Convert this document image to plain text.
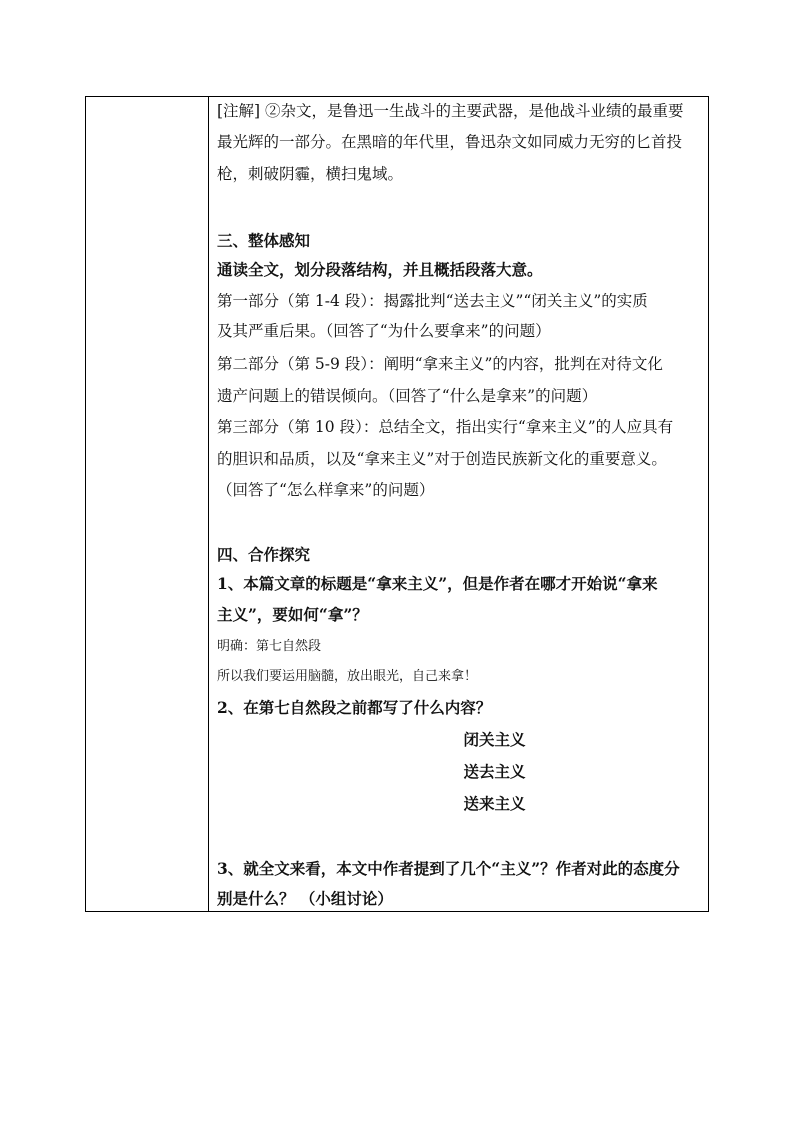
[注解] ②杂文，是鲁迅一生战斗的主要武器，是他战斗业绩的最重要
最光辉的一部分。在黑暗的年代里，鲁迅杂文如同威力无穷的匕首投
枪，刺破阴霾，横扫鬼域。
三、整体感知
通读全文，划分段落结构，并且概括段落大意。
第一部分（第 1-4 段）：揭露批判“送去主义”“闭关主义”的实质
及其严重后果。（回答了“为什么要拿来”的问题）
第二部分（第 5-9 段）：阐明“拿来主义”的内容，批判在对待文化
遗产问题上的错误倾向。（回答了“什么是拿来”的问题）
第三部分（第 10 段）：总结全文，指出实行“拿来主义”的人应具有
的胆识和品质，以及“拿来主义”对于创造民族新文化的重要意义。
（回答了“怎么样拿来”的问题）
四、合作探究
1、本篇文章的标题是“拿来主义”，但是作者在哪才开始说“拿来
主义”，要如何“拿”？
明确：第七自然段
所以我们要运用脑髓，放出眼光，自己来拿！
2、在第七自然段之前都写了什么内容？
闭关主义
送去主义
送来主义
3、就全文来看，本文中作者提到了几个“主义”？作者对此的态度分
别是什么？ （小组讨论）
